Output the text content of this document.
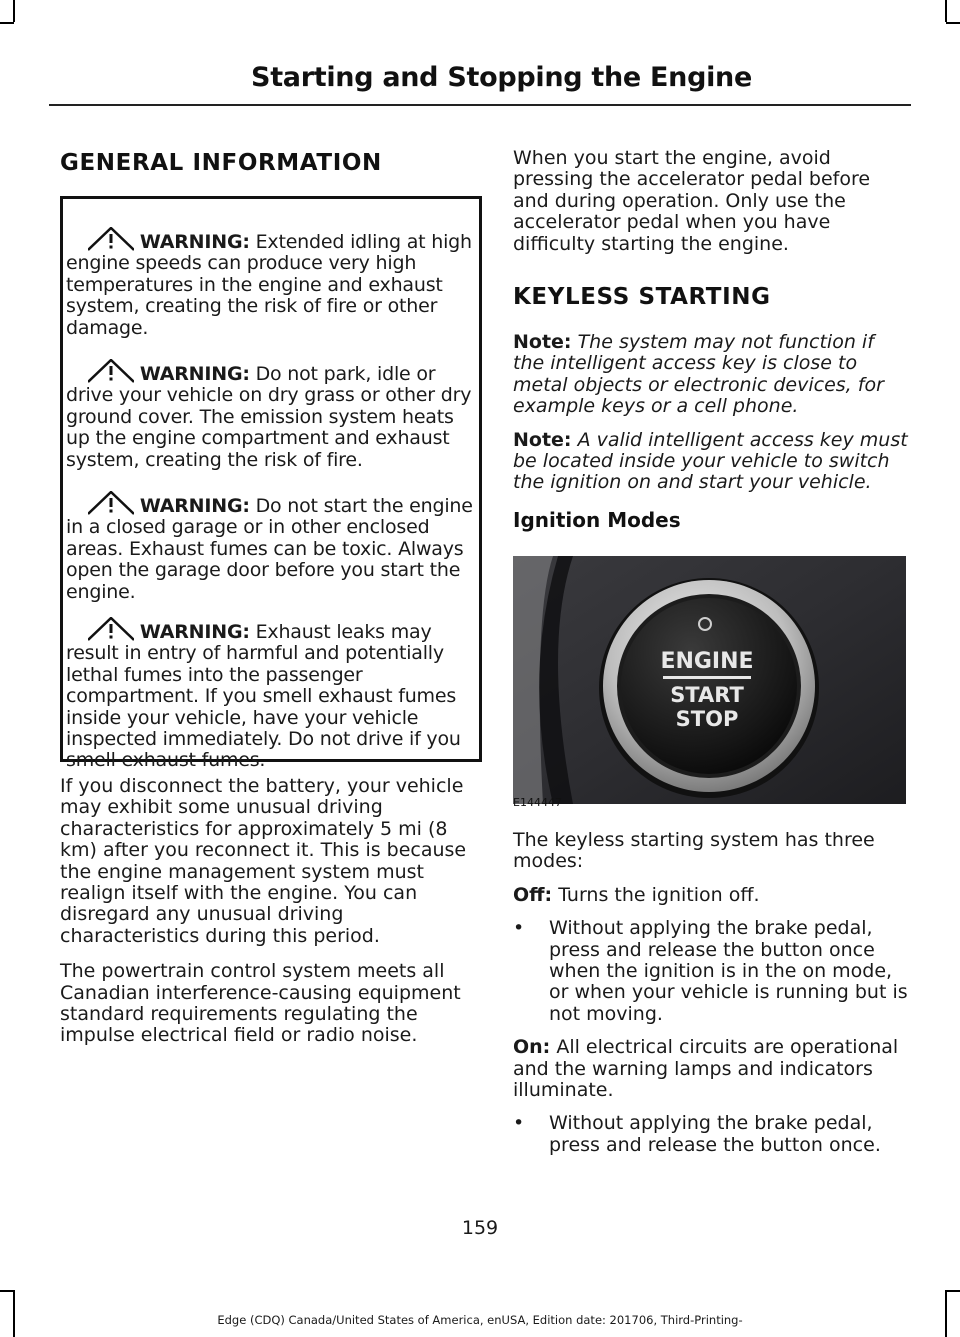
Starting and Stopping the Engine
GENERAL INFORMATION
WARNING: Extended idling at high engine speeds can produce very high temperatures in the engine and exhaust system, creating the risk of fire or other damage.
WARNING: Do not park, idle or drive your vehicle on dry grass or other dry ground cover. The emission system heats up the engine compartment and exhaust system, creating the risk of fire.
WARNING: Do not start the engine in a closed garage or in other enclosed areas. Exhaust fumes can be toxic. Always open the garage door before you start the engine.
WARNING: Exhaust leaks may result in entry of harmful and potentially lethal fumes into the passenger compartment. If you smell exhaust fumes inside your vehicle, have your vehicle inspected immediately. Do not drive if you smell exhaust fumes.

If you disconnect the battery, your vehicle may exhibit some unusual driving characteristics for approximately 5 mi (8 km) after you reconnect it. This is because the engine management system must realign itself with the engine. You can disregard any unusual driving characteristics during this period.

The powertrain control system meets all Canadian interference-causing equipment standard requirements regulating the impulse electrical field or radio noise.

When you start the engine, avoid pressing the accelerator pedal before and during operation. Only use the accelerator pedal when you have difficulty starting the engine.

KEYLESS STARTING

Note: The system may not function if the intelligent access key is close to metal objects or electronic devices, for example keys or a cell phone.

Note: A valid intelligent access key must be located inside your vehicle to switch the ignition on and start your vehicle.

Ignition Modes
ENGINE
START
STOP
E144447

The keyless starting system has three modes:

Off: Turns the ignition off.

• Without applying the brake pedal, press and release the button once when the ignition is in the on mode, or when your vehicle is running but is not moving.

On: All electrical circuits are operational and the warning lamps and indicators illuminate.

• Without applying the brake pedal, press and release the button once.
159
Edge (CDQ) Canada/United States of America, enUSA, Edition date: 201706, Third-Printing-
